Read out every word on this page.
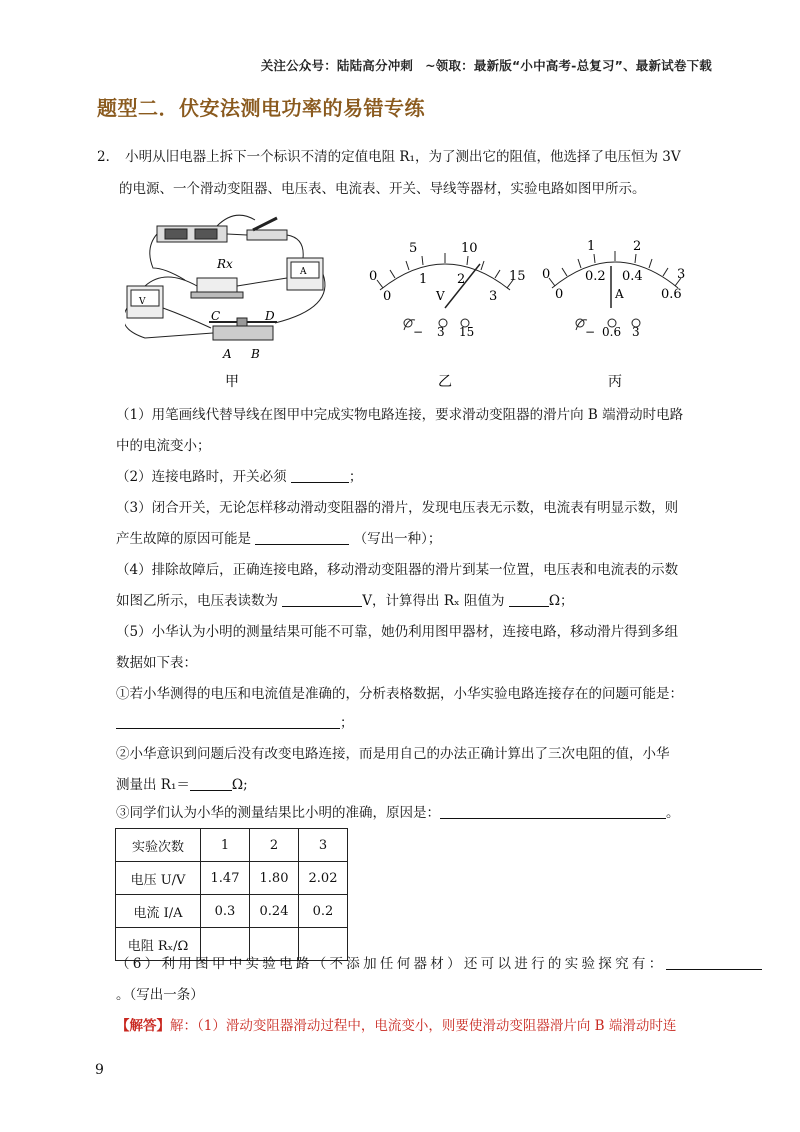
关注公众号：陆陆高分冲刺 ~领取：最新版“小中高考-总复习”、最新试卷下载
题型二．伏安法测电功率的易错专练
2． 小明从旧电器上拆下一个标识不清的定值电阻 R₁，为了测出它的阻值，他选择了电压恒为 3V
的电源、一个滑动变阻器、电压表、电流表、开关、导线等器材，实验电路如图甲所示。
Rx
V
A
C	D
A B
5	10
0	15
1 2
0	3
V
− 3 15
1	2
0	3
0.2 0.4
0	0.6
A
− 0.6 3
甲	乙	丙
（1）用笔画线代替导线在图甲中完成实物电路连接，要求滑动变阻器的滑片向 B 端滑动时电路
中的电流变小；
（2）连接电路时，开关必须	；
（3）闭合开关，无论怎样移动滑动变阻器的滑片，发现电压表无示数，电流表有明显示数，则
产生故障的原因可能是	（写出一种）；
（4）排除故障后，正确连接电路，移动滑动变阻器的滑片到某一位置，电压表和电流表的示数
如图乙所示，电压表读数为	V，计算得出 Rₓ 阻值为	Ω；
（5）小华认为小明的测量结果可能不可靠，她仍利用图甲器材，连接电路，移动滑片得到多组
数据如下表：
①若小华测得的电压和电流值是准确的，分析表格数据，小华实验电路连接存在的问题可能是：
；
②小华意识到问题后没有改变电路连接，而是用自己的办法正确计算出了三次电阻的值，小华
测量出 R₁＝	Ω;
③同学们认为小华的测量结果比小明的准确，原因是：	。
实验次数	1	2	3
电压 U/V	1.47	1.80	2.02
电流 I/A	0.3	0.24	0.2
电阻 Rₓ/Ω			
（6）利用图甲中实验电路（不添加任何器材）还可以进行的实验探究有：
。（写出一条）
【解答】解：（1）滑动变阻器滑动过程中，电流变小，则要使滑动变阻器滑片向 B 端滑动时连
9
